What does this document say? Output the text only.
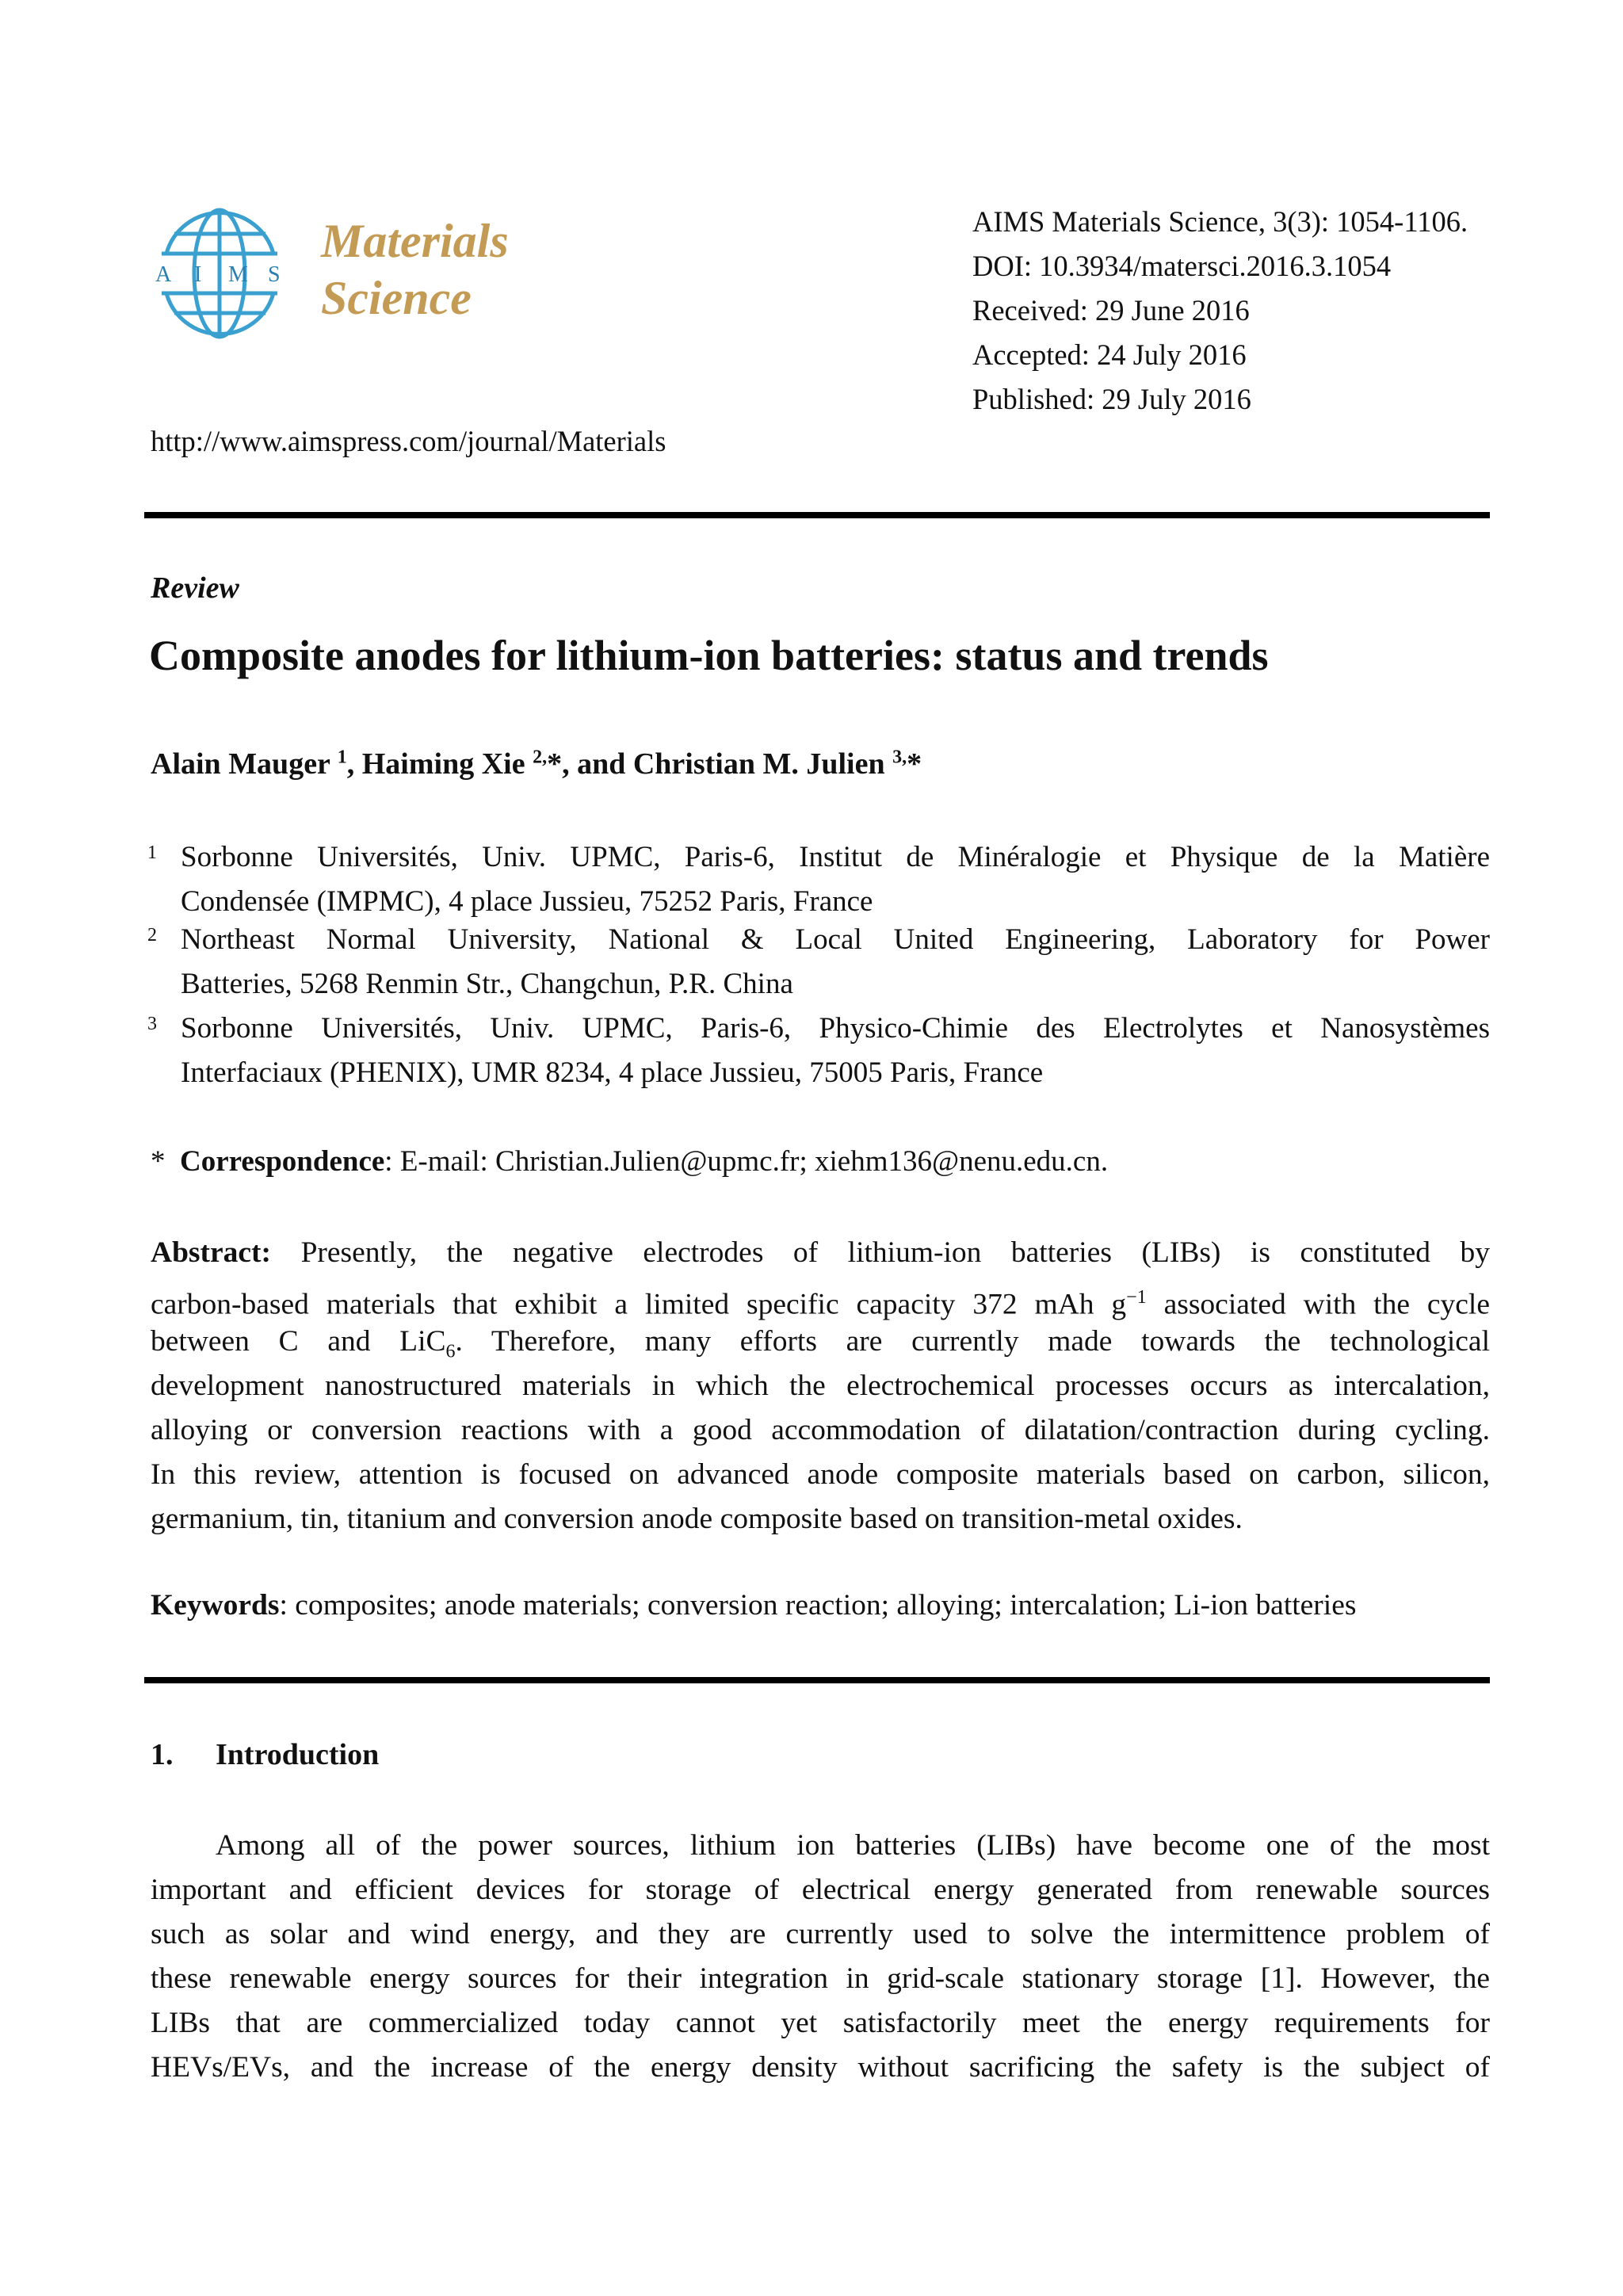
A I M S
Materials
Science
AIMS Materials Science, 3(3): 1054-1106.
DOI: 10.3934/matersci.2016.3.1054
Received: 29 June 2016
Accepted: 24 July 2016
Published: 29 July 2016
http://www.aimspress.com/journal/Materials
Review
Composite anodes for lithium-ion batteries: status and trends
Alain Mauger $^1$, Haiming Xie $^{2,}$*, and Christian M. Julien $^{3,}$*
1 Sorbonne Universités, Univ. UPMC, Paris-6, Institut de Minéralogie et Physique de la Matière
Condensée (IMPMC), 4 place Jussieu, 75252 Paris, France
2 Northeast Normal University, National & Local United Engineering, Laboratory for Power
Batteries, 5268 Renmin Str., Changchun, P.R. China
3 Sorbonne Universités, Univ. UPMC, Paris-6, Physico-Chimie des Electrolytes et Nanosystèmes
Interfaciaux (PHENIX), UMR 8234, 4 place Jussieu, 75005 Paris, France
* Correspondence: E-mail: Christian.Julien@upmc.fr; xiehm136@nenu.edu.cn.
Abstract: Presently, the negative electrodes of lithium-ion batteries (LIBs) is constituted by
carbon-based materials that exhibit a limited specific capacity 372 mAh $g^{-1}$ associated with the cycle
between C and LiC$_6$. Therefore, many efforts are currently made towards the technological
development nanostructured materials in which the electrochemical processes occurs as intercalation,
alloying or conversion reactions with a good accommodation of dilatation/contraction during cycling.
In this review, attention is focused on advanced anode composite materials based on carbon, silicon,
germanium, tin, titanium and conversion anode composite based on transition-metal oxides.
Keywords: composites; anode materials; conversion reaction; alloying; intercalation; Li-ion batteries
1. Introduction
Among all of the power sources, lithium ion batteries (LIBs) have become one of the most
important and efficient devices for storage of electrical energy generated from renewable sources
such as solar and wind energy, and they are currently used to solve the intermittence problem of
these renewable energy sources for their integration in grid-scale stationary storage [1]. However, the
LIBs that are commercialized today cannot yet satisfactorily meet the energy requirements for
HEVs/EVs, and the increase of the energy density without sacrificing the safety is the subject of
